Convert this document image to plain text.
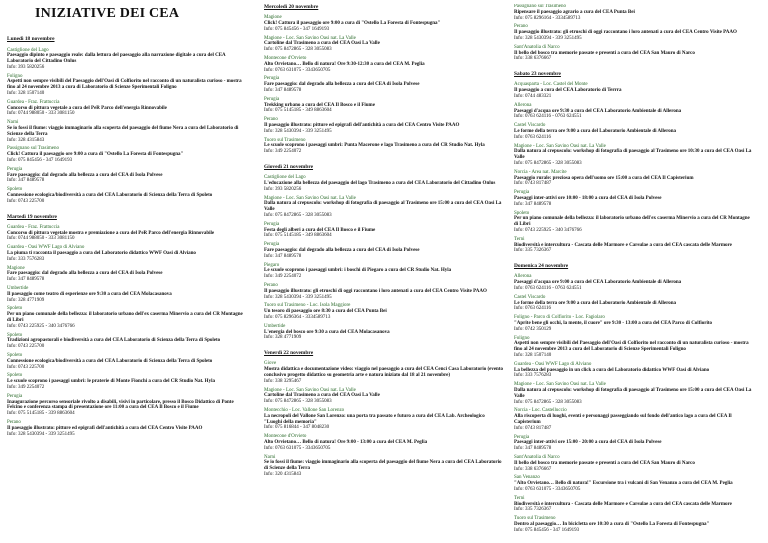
INIZIATIVE DEI CEA
Lunedì 18 novembre
Castiglione del Lago
Paesaggio dipinto e paesaggio reale: dalla lettura del paesaggio alla narrazione digitale a cura del CEA Laboratorio del Cittadino Onlus
Info: 393 5820256
Foligno
Aspetti non sempre visibili del Paesaggio dell'Oasi di Colfiorito nel racconto di un naturalista curioso - mostra fino al 24 novembre 2013 a cura di Laboratorio di Scienze Sperimentali Foligno
Info: 328 1507140
Guardea - Fraz. Frattuccia
Concorso di pittura vegetale a cura del PeR Parco dell'energia Rinnovabile
Info: 0744 988050 - 333 3081150
Narni
Se io fossi il fiume: viaggio immaginario alla scoperta del paesaggio del fiume Nera a cura del Laboratorio di Scienze della Terra
Info: 328 4315843
Passignano sul Trasimeno
Click! Cattura il paesaggio ore 9:00 a cura di "Ostello La Foresta di Fontespugna"
Info: 075 845456 - 347 1649193
Perugia
Fare paesaggio: dal degrado alla bellezza a cura del CEA di Isola Polvese
Info: 347 8489578
Spoleto
Connessione ecologica/biodiversità a cura del CEA Laboratorio di Scienza della Terra di Spoleto
Info: 0743 225700
Martedì 19 novembre
Guardea - Fraz. Frattuccia
Concorso di pittura vegetale mostra e premiazione a cura del PeR Parco dell'energia Rinnovabile
Info: 0744 988050 - 333 3081150
Guardea - Oasi WWF Lago di Alviano
La piuma ti racconta il paesaggio a cura del Laboratorio didattico WWF Oasi di Alviano
Info: 333 7576283
Magione
Fare paesaggio: dal degrado alla bellezza a cura del CEA di Isola Polvese
Info: 347 8489578
Umbertide
Il paesaggio come teatro di esperienze ore 9:30 a cura del CEA Molacasanova
Info: 328 4771909
Spoleto
Per un piano comunale della bellezza: il laboratorio urbano dell'ex caserma Minervio a cura del CR Montagne di Libri
Info: 0743 225925 - 340 3476766
Spoleto
Tradizioni agropastorali e biodiversità a cura del CEA Laboratorio di Scienza della Terra di Spoleto
Info: 0743 225700
Spoleto
Connessione ecologica/biodiversità a cura del CEA Laboratorio di Scienza della Terra di Spoleto
Info: 0743 225700
Spoleto
Le scuole scoprono i paesaggi umbri: le praterie di Monte Fionchi a cura del CR Studio Nat. Hyla
Info: 349 2254072
Perugia
Inaugurazione percorso sensoriale rivolto a disabili, visivi in particolare, presso il Bosco Didattico di Ponte Felcino e conferenza stampa di presentazione ore 11:00 a cura del CEA Il Bosco e il Fiume
Info: 075 5145185 - 339 8863604
Perano
Il paesaggio illustrato: pitture ed epigrafi dell'antichità a cura del CEA Centro Visite PAAO
Info: 328 5430394 - 339 3251495
Mercoledì 20 novembre
Magione
Click! Cattura il paesaggio ore 9:00 a cura di "Ostello La Foresta di Fontespugna"
Info: 075 845456 - 347 1649193
Magione - Loc. San Savino Oasi nat. La Valle
Cartoline dal Trasimeno a cura del CEA Oasi La Valle
Info: 075 8472865 - 328 3055083
Montecone d'Orvieto
Alto Orvietano… Bello di natura! Ore 9:30-12:30 a cura del CEA M. Peglia
Info: 0763 631075 - 3343650705
Perugia
Fare paesaggio: dal degrado alla bellezza a cura del CEA di Isola Polvese
Info: 347 8489578
Perugia
Trekking urbano a cura del CEA Il Bosco e il Fiume
Info: 075 5145185 - 349 8863604
Perano
Il paesaggio illustrato: pitture ed epigrafi dell'antichità a cura del CEA Centro Visite PAAO
Info: 328 5430394 - 339 3251495
Tuoro sul Trasimeno
Le scuole scoprono i paesaggi umbri: Punta Macerone e lago Trasimeno a cura del CR Studio Nat. Hyla
Info: 349 2254072
Giovedì 21 novembre
Castiglione del Lago
L'educazione alla bellezza del paesaggio del lago Trasimeno a cura del CEA Laboratorio del Cittadino Onlus
Info: 393 5820256
Magione - Loc. San Savino Oasi nat. La Valle
Dalla natura al crepuscolo: workshop di fotografia di paesaggio al Trasimeno ore 15:00 a cura del CEA Oasi La Valle
Info: 075 8472865 - 328 3055083
Perugia
Festa degli alberi a cura del CEA Il Bosco e il Fiume
Info: 075 5145185 - 349 8863604
Perugia
Fare paesaggio: dal degrado alla bellezza a cura del CEA di Isola Polvese
Info: 347 8489578
Piegaro
Le scuole scoprono i paesaggi umbri: i boschi di Piegaro a cura del CR Studio Nat. Hyla
Info: 349 2254072
Perano
Il paesaggio illustrato: gli etruschi di oggi raccontano i loro antenati a cura del CEA Centro Visite PAAO
Info: 328 5430394 - 339 3251495
Tuoro sul Trasimeno - Loc. Isola Maggiore
Un tesoro di paesaggio ore 8:30 a cura del CEA Punta Bei
Info: 075 8296364 - 3334589713
Umbertide
L'energia del bosco ore 9:30 a cura del CEA Molacasanova
Info: 328 4771909
Venerdì 22 novembre
Giove
Mostra didattica e documentazione video: viaggio nel paesaggio a cura del CEA Cenci Casa Laboratorio (evento conclusivo progetto didattico su geometria arte e natura iniziato dal 18 al 21 novembre)
Info: 338 3295467
Magione - Loc. San Savino Oasi nat. La Valle
Cartoline dal Trasimeno a cura del CEA Oasi La Valle
Info: 075 8472865 - 328 3055083
Montecchio - Loc. Vallone San Lorenzo
La necropoli del Vallone San Lorenzo: una porta tra passato e futuro a cura del CEA Lab. Archeologico "Luoghi della memoria"
Info: 075 816844 - 347 8048230
Montecone d'Orvieto
Alto Orvietano… Bello di natura! Ore 9:00 - 13:00 a cura del CEA M. Peglia
Info: 0763 631075 - 3343650705
Narni
Se io fossi il fiume: viaggio immaginario alla scoperta del paesaggio del fiume Nera a cura del CEA Laboratorio di Scienze della Terra
Info: 320 4315843
Passignano sul Trasimeno
Ripensare il paesaggio agrario a cura del CEA Punta Bei
Info: 075 8296164 - 3334589713
Perano
Il paesaggio illustrato: gli etruschi di oggi raccontano i loro antenati a cura del CEA Centro Visite PAAO
Info: 328 5430394 - 339 3251495
Sant'Anatolia di Narco
Il bello del bosco tra memorie passate e presenti a cura del CEA San Mauro di Narco
Info: 338 6376667
Sabato 23 novembre
Acquasparta - Loc. Castel del Monte
Il paesaggio a cura del CEA Laboratorio di Terrra
Info: 0744 483321
Allerona
Paesaggi d'acqua ore 9:30 a cura del CEA Laboratorio Ambientale di Allerona
Info: 0763 624116 - 0763 624551
Castel Viscardo
Le forme della terra ore 9:00 a cura del Laboratorio Ambientale di Allerona
Info: 0763 624116
Magione - Loc. San Savino Oasi nat. La Valle
Dalla natura al crepuscolo: workshop di fotografia di paesaggio al Trasimeno ore 10:30 a cura del CEA Oasi La Valle
Info: 075 8472865 - 328 3055083
Norcia - Area nat. Marcite
Paesaggio rurale: preziosa opera dell'uomo ore 15:00 a cura del CEA Il Capisterium
Info: 0743 817487
Perugia
Paesaggi inter-attivi ore 10:00 - 18:00 a cura del CEA di Isola Polvese
Info: 347 8489578
Spoleto
Per un piano comunale della bellezza: il laboratorio urbano dell'ex caserma Minervio a cura del CR Montagne di Libri
Info: 0743 225925 - 340 3476766
Terni
Biodiversità e intercultura - Cascata delle Marmore e Carsulae a cura del CEA cascata delle Marmore
Info: 335 7326367
Domenica 24 novembre
Allerona
Paesaggi d'acqua ore 9:00 a cura del CEA Laboratorio Ambientale di Allerona
Info: 0763 624116 - 0763 624551
Castel Viscardo
Le forme della terra ore 9:00 a cura del Laboratorio Ambientale di Allerona
Info: 0763 624116
Foligno - Parco di Colfiorito - Loc. Fagiolaro
"Aprite bene gli occhi, la mente, il cuore" ore 9:30 - 13:00 a cura del CEA Parco di Colfiorito
Info: 0742 350129
Foligno
Aspetti non sempre visibili del Paesaggio dell'Oasi di Colfiorito nel racconto di un naturalista curioso - mostra fino al 24 novembre 2013 a cura del Laboratorio di Scienze Sperimentali Foligno
Info: 328 1507140
Guardea - Oasi WWF Lago di Alviano
La bellezza del paesaggio in un click a cura del Laboratorio didattico WWF Oasi di Alviano
Info: 333 7576283
Magione - Loc. San Savino Oasi nat. La Valle
Dalla natura al crepuscolo: workshop di fotografia di paesaggio al Trasimeno ore 15:00 a cura del CEA Oasi La Valle
Info: 075 8472865 - 328 3055083
Norcia - Loc. Castelluccio
Alla riscoperta di luoghi, eventi e personaggi passeggiando sul fondo dell'antico lago a cura del CEA Il Capisterium
Info: 0743 817487
Perugia
Paesaggi inter-attivi ore 15:00 - 20:00 a cura del CEA di Isola Polvese
Info: 347 8489578
Sant'Anatolia di Narco
Il bello del bosco tra memorie passate e presenti a cura del CEA San Mauro di Narco
Info: 338 6376667
San Venanzo
"Alto Orvietano… Bello di natura!" Escursione tra i vulcani di San Venanzo a cura del CEA M. Peglia
Info: 0763 631075 - 3343650705
Terni
Biodiversità e intercultura - Cascata delle Marmore e Carsulae a cura del CEA cascata delle Marmore
Info: 335 7326367
Tuoro sul Trasimeno
Dentro al paesaggio… In bicicletta ore 10:30 a cura di "Ostello La Foresta di Fontespugna"
Info: 075 845456 - 347 1649193
